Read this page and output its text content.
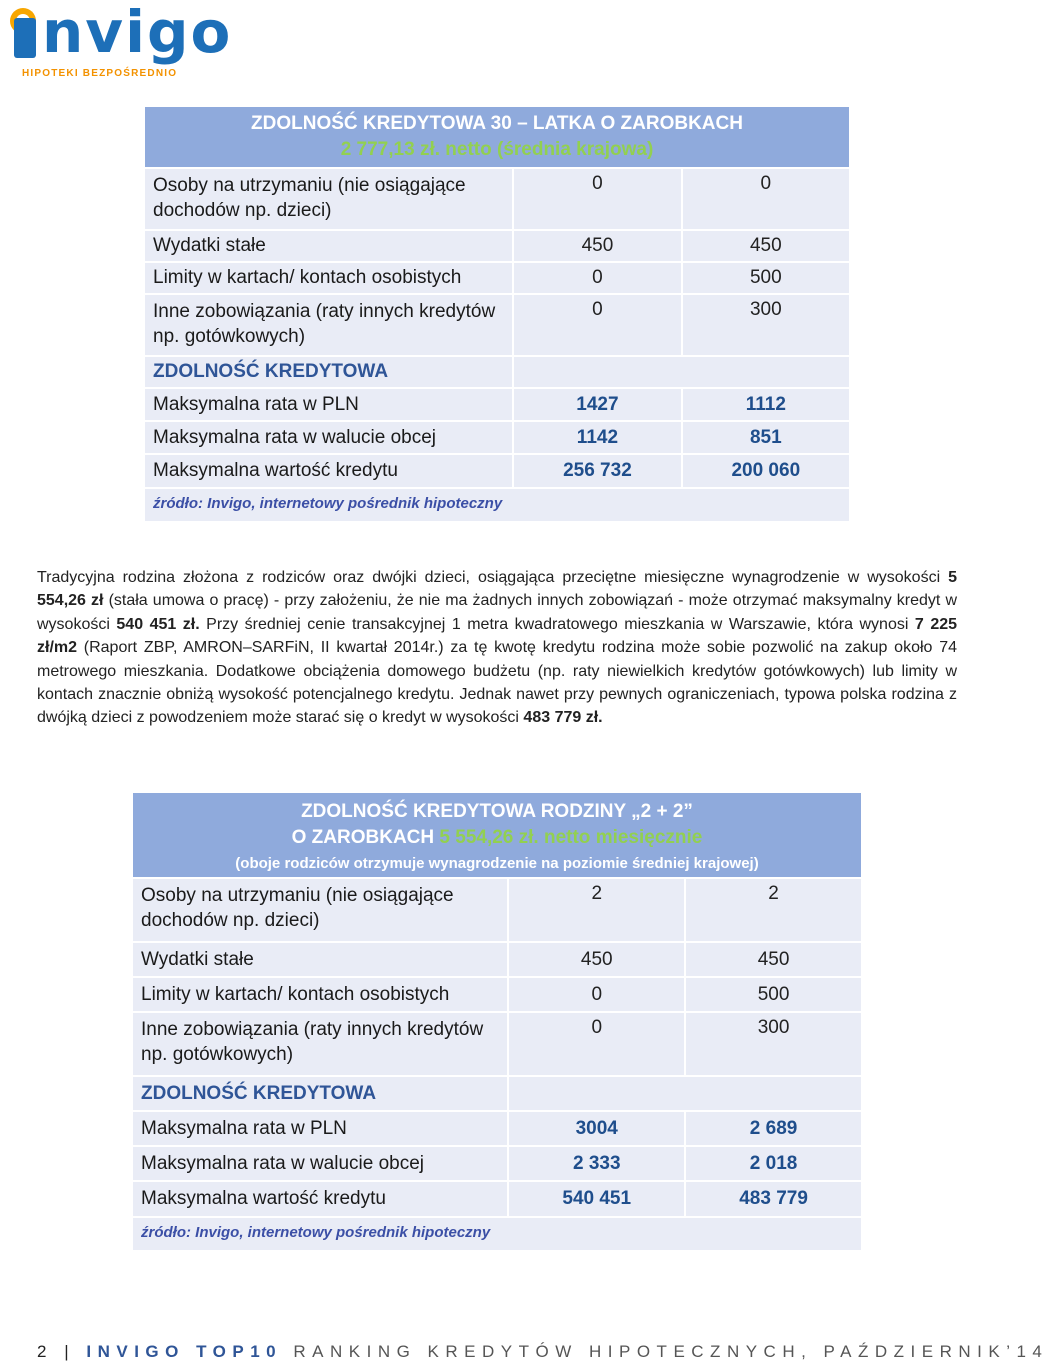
nvigo
HIPOTEKI BEZPOŚREDNIO
ZDOLNOŚĆ KREDYTOWA 30 – LATKA O ZAROBKACH
2 777,13 zł. netto (średnia krajowa)		

Osoby na utrzymaniu (nie osiągające dochodów np. dzieci)	0	0
Wydatki stałe	450	450
Limity w kartach/ kontach osobistych	0	500
Inne zobowiązania (raty innych kredytów np. gotówkowych)	0	300
ZDOLNOŚĆ KREDYTOWA		
Maksymalna rata w PLN	1427	1112
Maksymalna rata w walucie obcej	1142	851
Maksymalna wartość kredytu	256 732	200 060
źródło: Invigo, internetowy pośrednik hipoteczny		
Tradycyjna rodzina złożona z rodziców oraz dwójki dzieci, osiągająca przeciętne miesięczne wynagrodzenie w wysokości 5 554,26 zł (stała umowa o pracę) - przy założeniu, że nie ma żadnych innych zobowiązań - może otrzymać maksymalny kredyt w wysokości 540 451 zł. Przy średniej cenie transakcyjnej 1 metra kwadratowego mieszkania w Warszawie, która wynosi 7 225 zł/m2 (Raport ZBP, AMRON–SARFiN, II kwartał 2014r.) za tę kwotę kredytu rodzina może sobie pozwolić na zakup około 74 metrowego mieszkania. Dodatkowe obciążenia domowego budżetu (np. raty niewielkich kredytów gotówkowych) lub limity w kontach znacznie obniżą wysokość potencjalnego kredytu. Jednak nawet przy pewnych ograniczeniach, typowa polska rodzina z dwójką dzieci z powodzeniem może starać się o kredyt w wysokości 483 779 zł.
ZDOLNOŚĆ KREDYTOWA RODZINY „2 + 2”
O ZAROBKACH 5 554,26 zł. netto miesięcznie
(oboje rodziców otrzymuje wynagrodzenie na poziomie średniej krajowej)		

Osoby na utrzymaniu (nie osiągające dochodów np. dzieci)	2	2
Wydatki stałe	450	450
Limity w kartach/ kontach osobistych	0	500
Inne zobowiązania (raty innych kredytów np. gotówkowych)	0	300
ZDOLNOŚĆ KREDYTOWA		
Maksymalna rata w PLN	3004	2 689
Maksymalna rata w walucie obcej	2 333	2 018
Maksymalna wartość kredytu	540 451	483 779
źródło: Invigo, internetowy pośrednik hipoteczny		
2 | INVIGO TOP10 RANKING KREDYTÓW HIPOTECZNYCH, PAŹDZIERNIK’14
